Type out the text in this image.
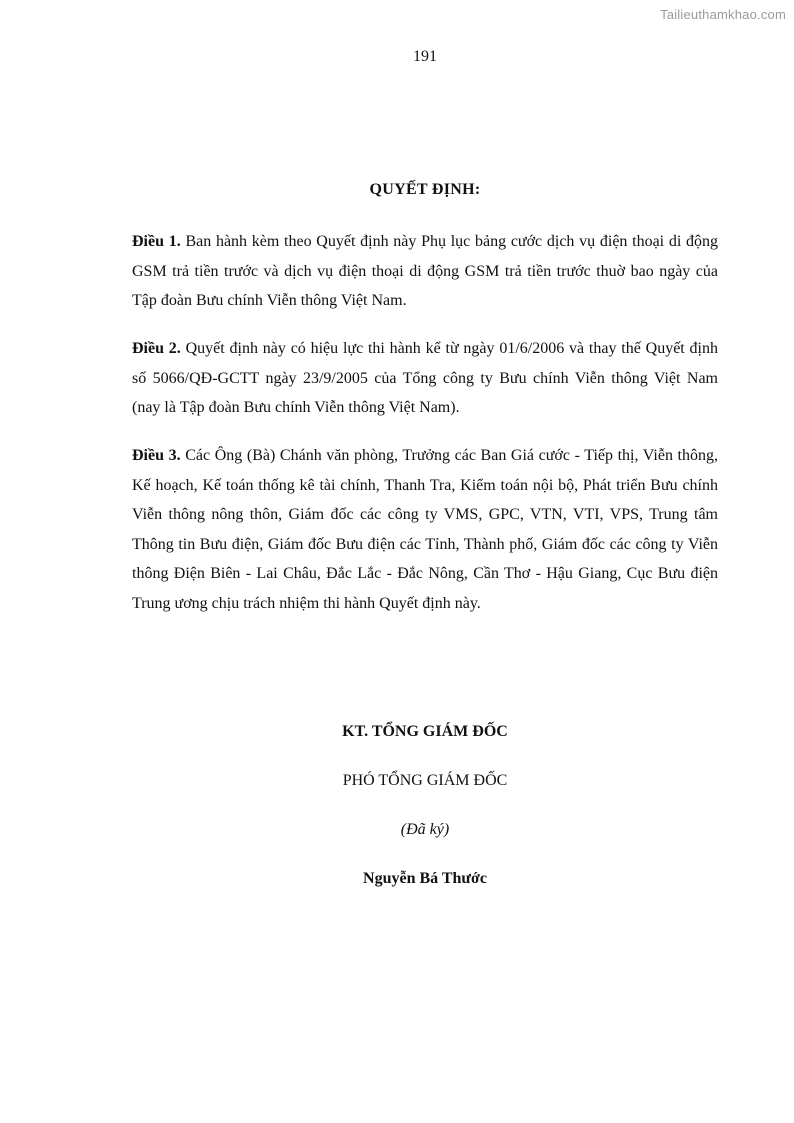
Tailieuthamkhao.com
191
QUYẾT ĐỊNH:

Điều 1. Ban hành kèm theo Quyết định này Phụ lục bảng cước dịch vụ điện thoại di động GSM trả tiền trước và dịch vụ điện thoại di động GSM trả tiền trước thuờ bao ngày của Tập đoàn Bưu chính Viễn thông Việt Nam.

Điều 2. Quyết định này có hiệu lực thi hành kể từ ngày 01/6/2006 và thay thế Quyết định số 5066/QĐ-GCTT ngày 23/9/2005 của Tổng công ty Bưu chính Viễn thông Việt Nam (nay là Tập đoàn Bưu chính Viễn thông Việt Nam).

Điều 3. Các Ông (Bà) Chánh văn phòng, Trưởng các Ban Giá cước - Tiếp thị, Viễn thông, Kế hoạch, Kế toán thống kê tài chính, Thanh Tra, Kiểm toán nội bộ, Phát triển Bưu chính Viễn thông nông thôn, Giám đốc các công ty VMS, GPC, VTN, VTI, VPS, Trung tâm Thông tin Bưu điện, Giám đốc Bưu điện các Tỉnh, Thành phố, Giám đốc các công ty Viễn thông Điện Biên - Lai Châu, Đắc Lắc - Đắc Nông, Cần Thơ - Hậu Giang, Cục Bưu điện Trung ương chịu trách nhiệm thi hành Quyết định này.

KT. TỔNG GIÁM ĐỐC
PHÓ TỔNG GIÁM ĐỐC
(Đã ký)
Nguyễn Bá Thước
